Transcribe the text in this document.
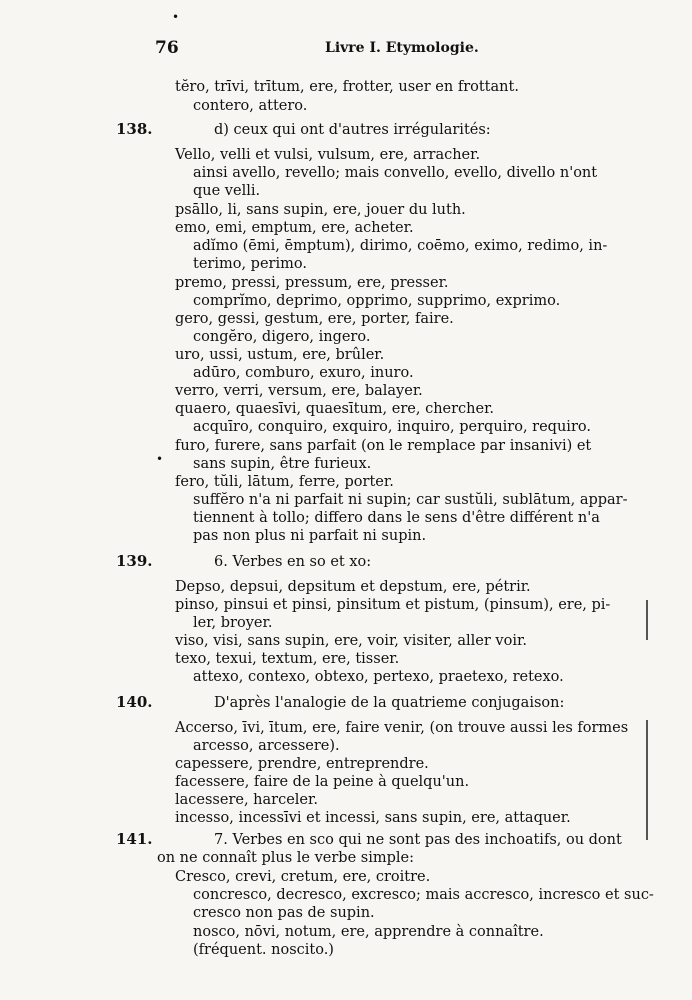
76	Livre I. Etymologie.
tĕro, trīvi, trītum, ere, frotter, user en frottant.
contero, attero.
d) ceux qui ont d'autres irrégularités:
Vello, velli et vulsi, vulsum, ere, arracher.
ainsi avello, revello; mais convello, evello, divello n'ont
que velli.
psāllo, li, sans supin, ere, jouer du luth.
emo, emi, emptum, ere, acheter.
adĭmo (ēmi, ēmptum), dirimo, coēmo, eximo, redimo, in-
terimo, perimo.
premo, pressi, pressum, ere, presser.
comprĭmo, deprimo, opprimo, supprimo, exprimo.
gero, gessi, gestum, ere, porter, faire.
congĕro, digero, ingero.
uro, ussi, ustum, ere, brûler.
adūro, comburo, exuro, inuro.
verro, verri, versum, ere, balayer.
quaero, quaesīvi, quaesītum, ere, chercher.
acquīro, conquiro, exquiro, inquiro, perquiro, requiro.
furo, furere, sans parfait (on le remplace par insanivi) et
sans supin, être furieux.
fero, tŭli, lātum, ferre, porter.
suffĕro n'a ni parfait ni supin; car sustŭli, sublātum, appar-
tiennent à tollo; differo dans le sens d'être différent n'a
pas non plus ni parfait ni supin.
6. Verbes en so et xo:
Depso, depsui, depsitum et depstum, ere, pétrir.
pinso, pinsui et pinsi, pinsitum et pistum, (pinsum), ere, pi-
ler, broyer.
viso, visi, sans supin, ere, voir, visiter, aller voir.
texo, texui, textum, ere, tisser.
attexo, contexo, obtexo, pertexo, praetexo, retexo.
D'après l'analogie de la quatrieme conjugaison:
Accerso, īvi, ītum, ere, faire venir, (on trouve aussi les formes
arcesso, arcessere).
capessere, prendre, entreprendre.
facessere, faire de la peine à quelqu'un.
lacessere, harceler.
incesso, incessīvi et incessi, sans supin, ere, attaquer.
7. Verbes en sco qui ne sont pas des inchoatifs, ou dont
on ne connaît plus le verbe simple:
Cresco, crevi, cretum, ere, croitre.
concresco, decresco, excresco; mais accresco, incresco et suc-
cresco non pas de supin.
nosco, nōvi, notum, ere, apprendre à connaître.
(fréquent. noscito.)
138.
139.
140.
141.
•
•
